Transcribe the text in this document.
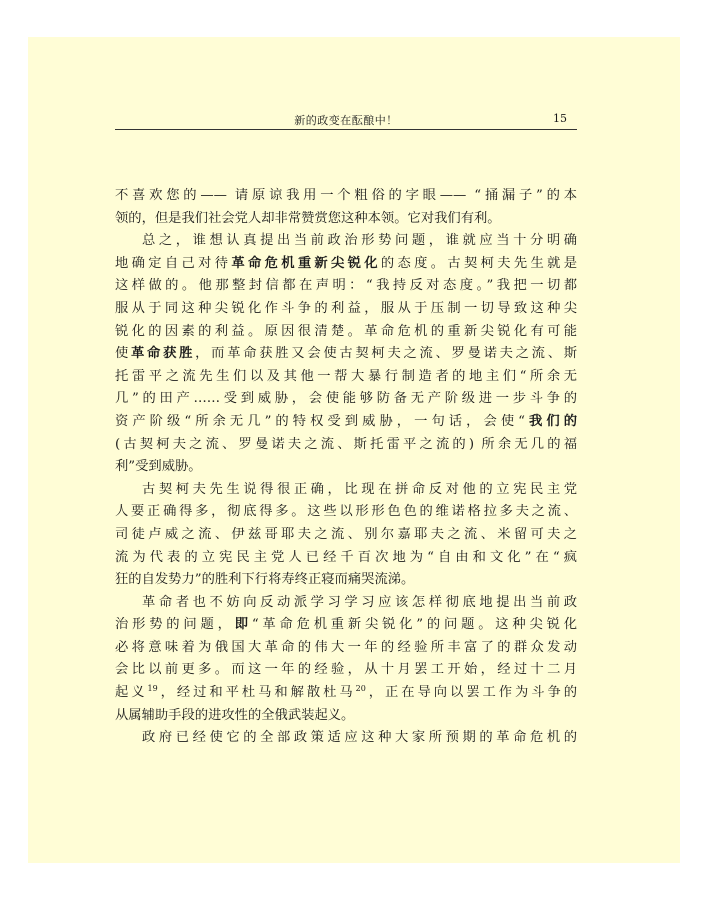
新的政变在酝酿中！	15
不喜欢您的—— 请原谅我用一个粗俗的字眼—— “捅漏子”的本
领的，但是我们社会党人却非常赞赏您这种本领。它对我们有利。
总之，谁想认真提出当前政治形势问题，谁就应当十分明确
地确定自己对待革命危机重新尖锐化的态度。古契柯夫先生就是
这样做的。他那整封信都在声明：“我持反对态度。”我把一切都
服从于同这种尖锐化作斗争的利益，服从于压制一切导致这种尖
锐化的因素的利益。原因很清楚。革命危机的重新尖锐化有可能
使革命获胜，而革命获胜又会使古契柯夫之流、罗曼诺夫之流、斯
托雷平之流先生们以及其他一帮大暴行制造者的地主们“所余无
几”的田产……受到威胁，会使能够防备无产阶级进一步斗争的
资产阶级“所余无几”的特权受到威胁，一句话，会使“我们的
(古契柯夫之流、罗曼诺夫之流、斯托雷平之流的) 所余无几的福
利”受到威胁。
古契柯夫先生说得很正确，比现在拼命反对他的立宪民主党
人要正确得多，彻底得多。这些以形形色色的维诺格拉多夫之流、
司徒卢威之流、伊兹哥耶夫之流、别尔嘉耶夫之流、米留可夫之
流为代表的立宪民主党人已经千百次地为“自由和文化”在“疯
狂的自发势力”的胜利下行将寿终正寝而痛哭流涕。
革命者也不妨向反动派学习学习应该怎样彻底地提出当前政
治形势的问题，即“革命危机重新尖锐化”的问题。这种尖锐化
必将意味着为俄国大革命的伟大一年的经验所丰富了的群众发动
会比以前更多。而这一年的经验，从十月罢工开始，经过十二月
起义$^{19}$，经过和平杜马和解散杜马$^{20}$，正在导向以罢工作为斗争的
从属辅助手段的进攻性的全俄武装起义。
政府已经使它的全部政策适应这种大家所预期的革命危机的
